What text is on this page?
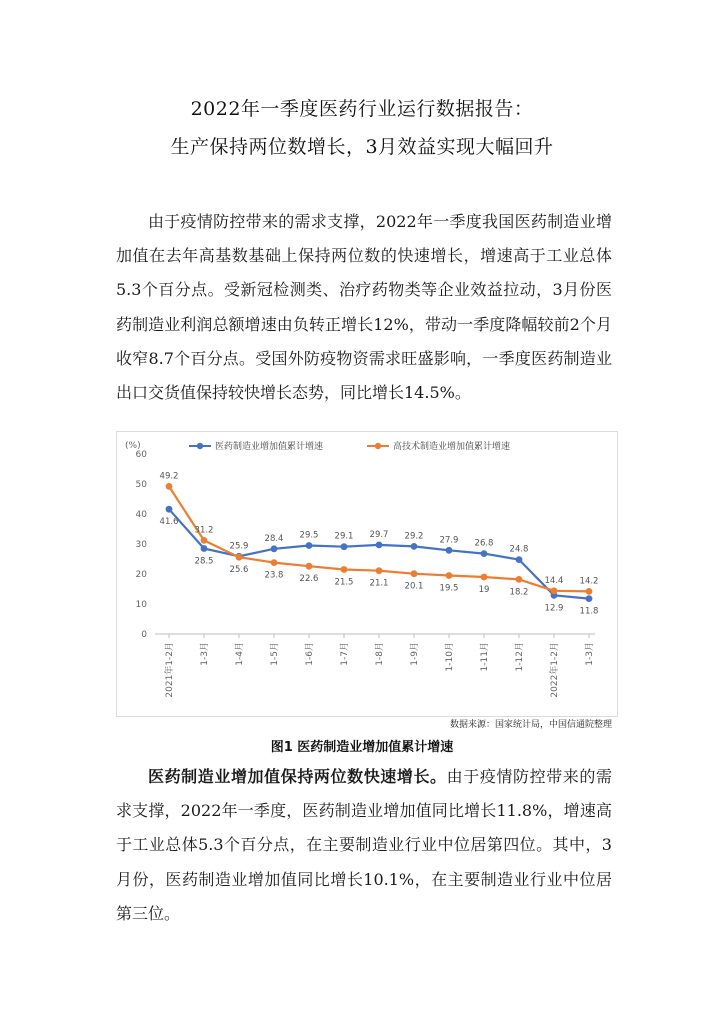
2022年一季度医药行业运行数据报告：
生产保持两位数增长，3月效益实现大幅回升
由于疫情防控带来的需求支撑，2022年一季度我国医药制造业增加值在去年高基数基础上保持两位数的快速增长，增速高于工业总体5.3个百分点。受新冠检测类、治疗药物类等企业效益拉动，3月份医药制造业利润总额增速由负转正增长12%，带动一季度降幅较前2个月收窄8.7个百分点。受国外防疫物资需求旺盛影响，一季度医药制造业出口交货值保持较快增长态势，同比增长14.5%。
0
10
20
30
40
50
60
(%)
2021年1-2月	1-3月	1-4月	1-5月	1-6月	1-7月	1-8月	1-9月	1-10月	1-11月	1-12月	2022年1-2月	1-3月
医药制造业增加值累计增速	高技术制造业增加值累计增速
41.6
28.5
25.9
28.4 29.5 29.1 29.7 29.2 27.9 26.8
24.8
12.9 11.8
49.2
31.2
25.6
23.8 22.6 21.5 21.1 20.1 19.5 19 18.2
14.4 14.2
数据来源：国家统计局，中国信通院整理
图1 医药制造业增加值累计增速
医药制造业增加值保持两位数快速增长。由于疫情防控带来的需求支撑，2022年一季度，医药制造业增加值同比增长11.8%，增速高于工业总体5.3个百分点，在主要制造业行业中位居第四位。其中，3月份，医药制造业增加值同比增长10.1%，在主要制造业行业中位居第三位。
